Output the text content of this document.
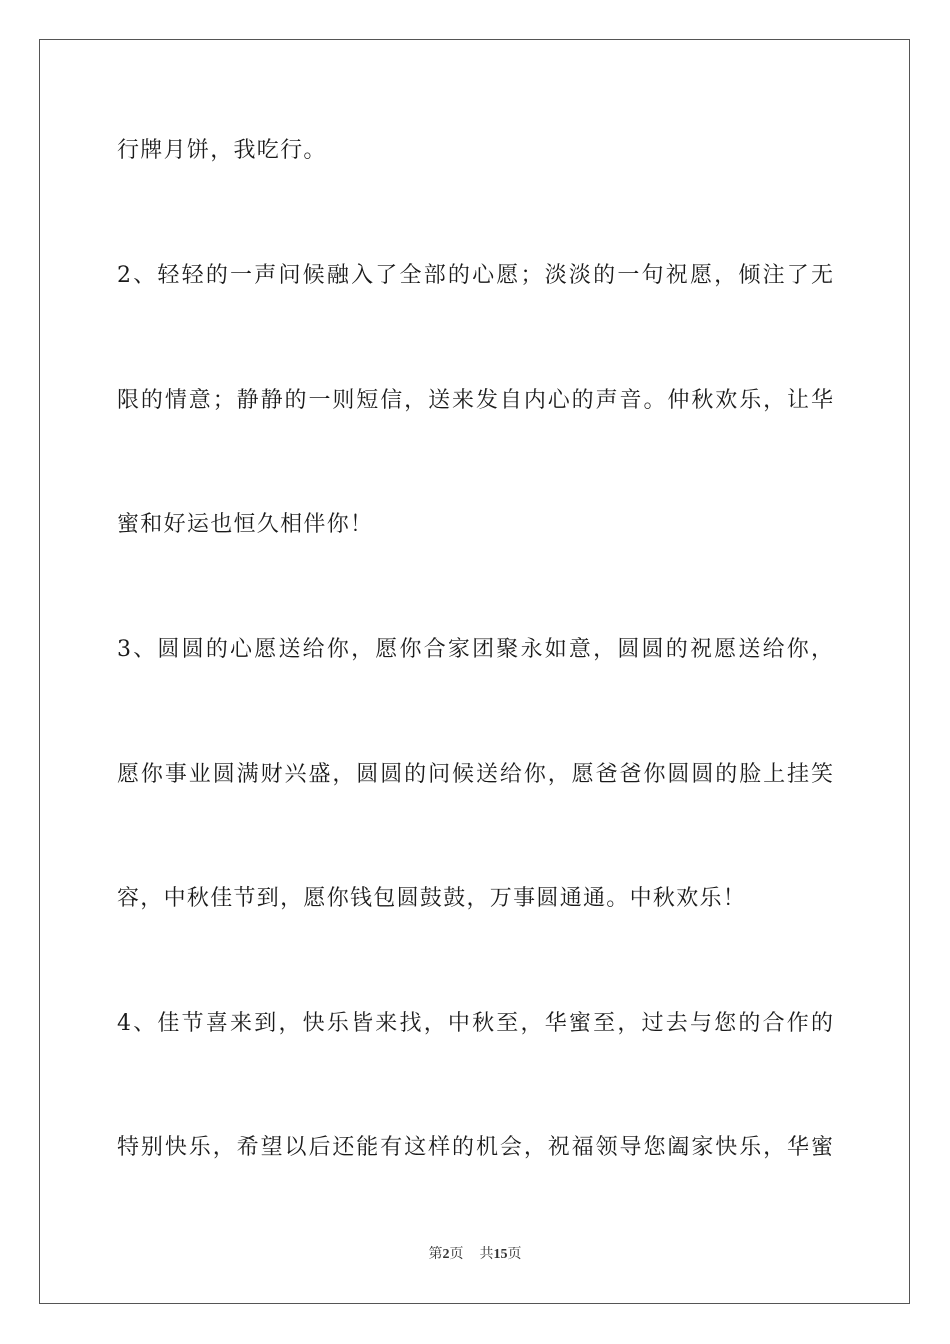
行牌月饼，我吃行。
2、轻轻的一声问候融入了全部的心愿；淡淡的一句祝愿，倾注了无
限的情意；静静的一则短信，送来发自内心的声音。仲秋欢乐，让华
蜜和好运也恒久相伴你！
3、圆圆的心愿送给你，愿你合家团聚永如意，圆圆的祝愿送给你，
愿你事业圆满财兴盛，圆圆的问候送给你，愿爸爸你圆圆的脸上挂笑
容，中秋佳节到，愿你钱包圆鼓鼓，万事圆通通。中秋欢乐！
4、佳节喜来到，快乐皆来找，中秋至，华蜜至，过去与您的合作的
特别快乐，希望以后还能有这样的机会，祝福领导您阖家快乐，华蜜
第2页 共15页
